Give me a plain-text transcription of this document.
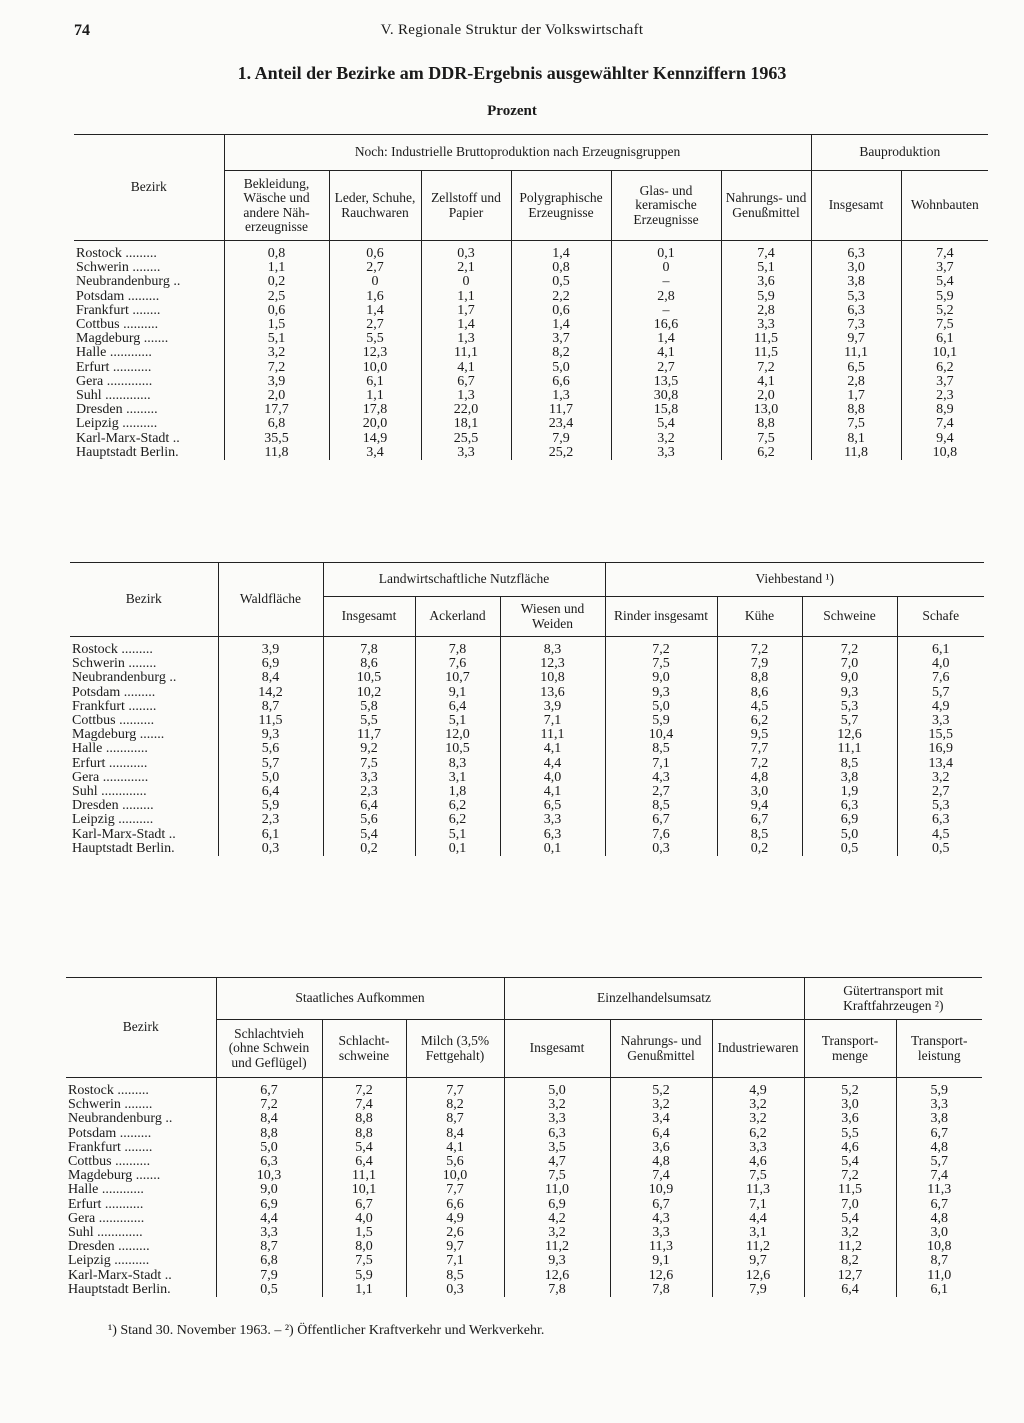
74	V. Regionale Struktur der Volkswirtschaft
1. Anteil der Bezirke am DDR-Ergebnis ausgewählter Kennziffern 1963
Prozent
Bezirk	Noch: Industrielle Bruttoproduktion nach Erzeugnisgruppen						Bauproduktion	
	Bekleidung, Wäsche und andere Näherzeugnisse	Leder, Schuhe, Rauchwaren	Zellstoff und Papier	Polygraphische Erzeugnisse	Glas- und keramische Erzeugnisse	Nahrungs- und Genußmittel	Insgesamt	Wohnbauten
Rostock .........	0,8	0,6	0,3	1,4	0,1	7,4	6,3	7,4
Schwerin ........	1,1	2,7	2,1	0,8	0	5,1	3,0	3,7
Neubrandenburg ..	0,2	0	0	0,5	–	3,6	3,8	5,4
Potsdam .........	2,5	1,6	1,1	2,2	2,8	5,9	5,3	5,9
Frankfurt ........	0,6	1,4	1,7	0,6	–	2,8	6,3	5,2
Cottbus ..........	1,5	2,7	1,4	1,4	16,6	3,3	7,3	7,5
Magdeburg .......	5,1	5,5	1,3	3,7	1,4	11,5	9,7	6,1
Halle ............	3,2	12,3	11,1	8,2	4,1	11,5	11,1	10,1
Erfurt ...........	7,2	10,0	4,1	5,0	2,7	7,2	6,5	6,2
Gera .............	3,9	6,1	6,7	6,6	13,5	4,1	2,8	3,7
Suhl .............	2,0	1,1	1,3	1,3	30,8	2,0	1,7	2,3
Dresden .........	17,7	17,8	22,0	11,7	15,8	13,0	8,8	8,9
Leipzig ..........	6,8	20,0	18,1	23,4	5,4	8,8	7,5	7,4
Karl-Marx-Stadt ..	35,5	14,9	25,5	7,9	3,2	7,5	8,1	9,4
Hauptstadt Berlin.	11,8	3,4	3,3	25,2	3,3	6,2	11,8	10,8
Bezirk	Waldfläche	Landwirtschaftliche Nutzfläche			Viehbestand ¹)			
		Insgesamt	Ackerland	Wiesen und Weiden	Rinder insgesamt	Kühe	Schweine	Schafe
Rostock .........	3,9	7,8	7,8	8,3	7,2	7,2	7,2	6,1
Schwerin ........	6,9	8,6	7,6	12,3	7,5	7,9	7,0	4,0
Neubrandenburg ..	8,4	10,5	10,7	10,8	9,0	8,8	9,0	7,6
Potsdam .........	14,2	10,2	9,1	13,6	9,3	8,6	9,3	5,7
Frankfurt ........	8,7	5,8	6,4	3,9	5,0	4,5	5,3	4,9
Cottbus ..........	11,5	5,5	5,1	7,1	5,9	6,2	5,7	3,3
Magdeburg .......	9,3	11,7	12,0	11,1	10,4	9,5	12,6	15,5
Halle ............	5,6	9,2	10,5	4,1	8,5	7,7	11,1	16,9
Erfurt ...........	5,7	7,5	8,3	4,4	7,1	7,2	8,5	13,4
Gera .............	5,0	3,3	3,1	4,0	4,3	4,8	3,8	3,2
Suhl .............	6,4	2,3	1,8	4,1	2,7	3,0	1,9	2,7
Dresden .........	5,9	6,4	6,2	6,5	8,5	9,4	6,3	5,3
Leipzig ..........	2,3	5,6	6,2	3,3	6,7	6,7	6,9	6,3
Karl-Marx-Stadt ..	6,1	5,4	5,1	6,3	7,6	8,5	5,0	4,5
Hauptstadt Berlin.	0,3	0,2	0,1	0,1	0,3	0,2	0,5	0,5
Bezirk	Staatliches Aufkommen			Einzelhandelsumsatz			Gütertransport mit Kraftfahrzeugen ²)	
	Schlachtvieh (ohne Schwein und Geflügel)	Schlachtschweine	Milch (3,5% Fettgehalt)	Insgesamt	Nahrungs- und Genußmittel	Industriewaren	Transportmenge	Transportleistung
Rostock .........	6,7	7,2	7,7	5,0	5,2	4,9	5,2	5,9
Schwerin ........	7,2	7,4	8,2	3,2	3,2	3,2	3,0	3,3
Neubrandenburg ..	8,4	8,8	8,7	3,3	3,4	3,2	3,6	3,8
Potsdam .........	8,8	8,8	8,4	6,3	6,4	6,2	5,5	6,7
Frankfurt ........	5,0	5,4	4,1	3,5	3,6	3,3	4,6	4,8
Cottbus ..........	6,3	6,4	5,6	4,7	4,8	4,6	5,4	5,7
Magdeburg .......	10,3	11,1	10,0	7,5	7,4	7,5	7,2	7,4
Halle ............	9,0	10,1	7,7	11,0	10,9	11,3	11,5	11,3
Erfurt ...........	6,9	6,7	6,6	6,9	6,7	7,1	7,0	6,7
Gera .............	4,4	4,0	4,9	4,2	4,3	4,4	5,4	4,8
Suhl .............	3,3	1,5	2,6	3,2	3,3	3,1	3,2	3,0
Dresden .........	8,7	8,0	9,7	11,2	11,3	11,2	11,2	10,8
Leipzig ..........	6,8	7,5	7,1	9,3	9,1	9,7	8,2	8,7
Karl-Marx-Stadt ..	7,9	5,9	8,5	12,6	12,6	12,6	12,7	11,0
Hauptstadt Berlin.	0,5	1,1	0,3	7,8	7,8	7,9	6,4	6,1
¹) Stand 30. November 1963. – ²) Öffentlicher Kraftverkehr und Werkverkehr.
